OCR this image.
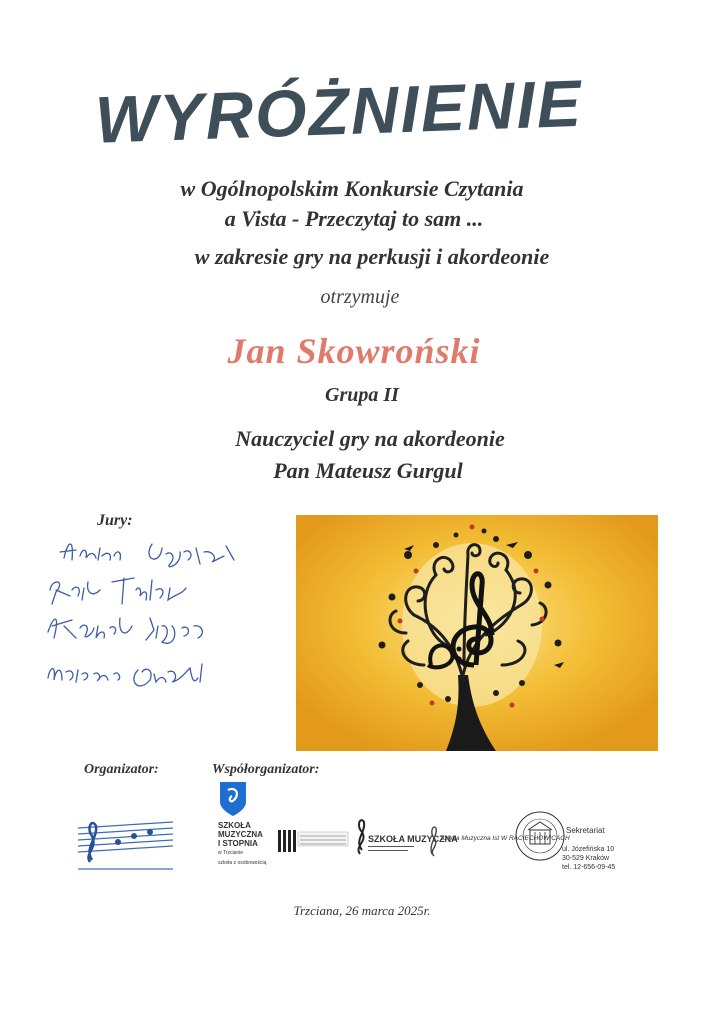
WYRÓŻNIENIE
w Ogólnopolskim Konkursie Czytania
a Vista - Przeczytaj to sam ...
w zakresie gry na perkusji i akordeonie
otrzymuje
Jan Skowroński
Grupa II
Nauczyciel gry na akordeonie
Pan Mateusz Gurgul
Jury:
Organizator:	Współorganizator:
SZKOŁA
MUZYCZNA
I STOPNIA
w Trzcianie
szkoła z osobowością
SZKOŁA MUZYCZNA
Szkoła Muzyczna Ist W RACIECHOWICACH
Sekretariat
ul. Józefińska 10
30-529 Kraków
tel. 12-656-09-45
Trzciana, 26 marca 2025r.
